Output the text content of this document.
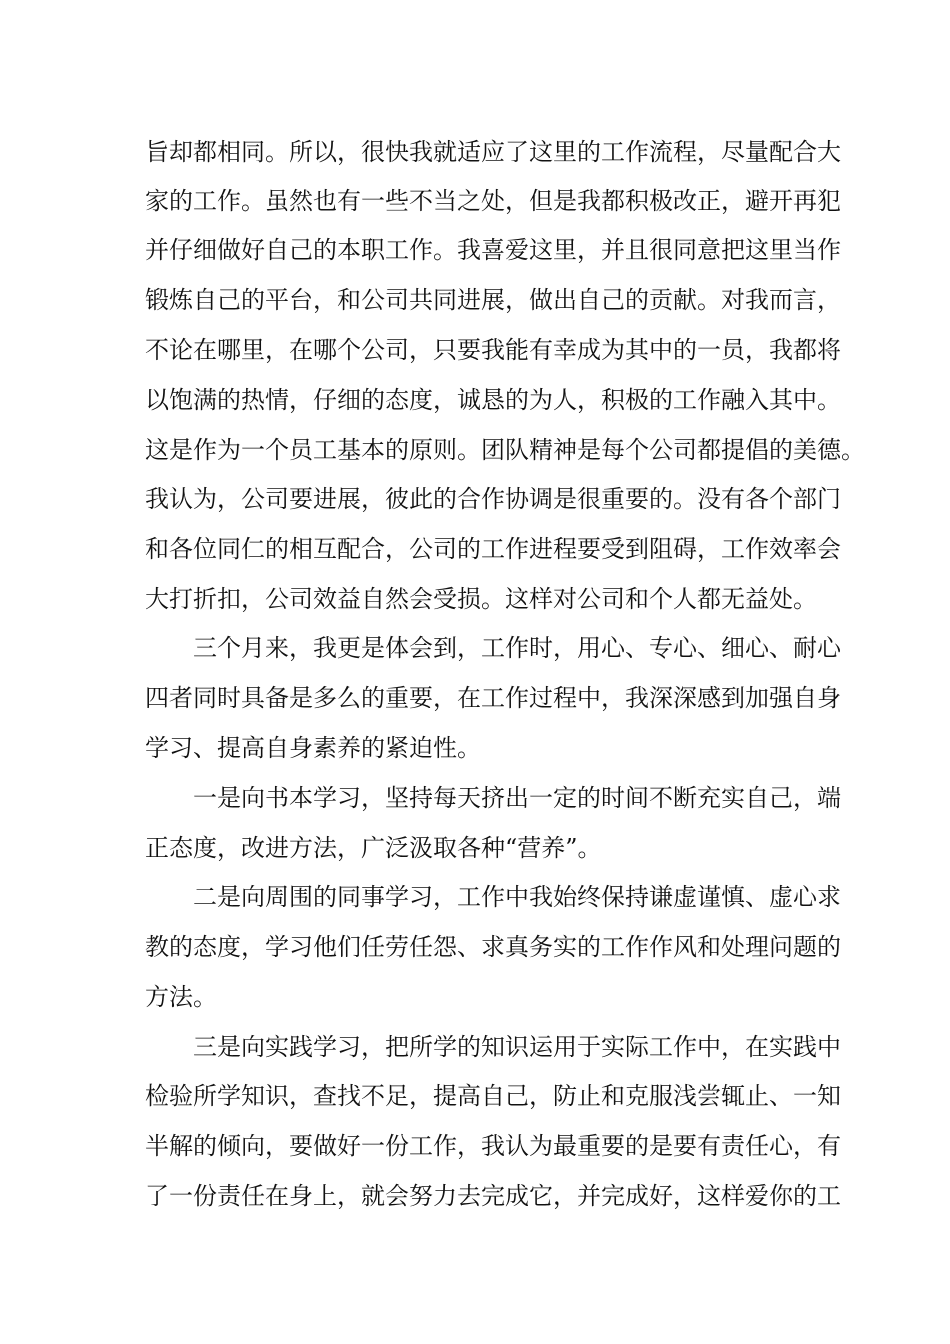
旨却都相同。所以，很快我就适应了这里的工作流程，尽量配合大
家的工作。虽然也有一些不当之处，但是我都积极改正，避开再犯
并仔细做好自己的本职工作。我喜爱这里，并且很同意把这里当作
锻炼自己的平台，和公司共同进展，做出自己的贡献。对我而言，
不论在哪里，在哪个公司，只要我能有幸成为其中的一员，我都将
以饱满的热情，仔细的态度，诚恳的为人，积极的工作融入其中。
这是作为一个员工基本的原则。团队精神是每个公司都提倡的美德。
我认为，公司要进展，彼此的合作协调是很重要的。没有各个部门
和各位同仁的相互配合，公司的工作进程要受到阻碍，工作效率会
大打折扣，公司效益自然会受损。这样对公司和个人都无益处。
三个月来，我更是体会到，工作时，用心、专心、细心、耐心
四者同时具备是多么的重要，在工作过程中，我深深感到加强自身
学习、提高自身素养的紧迫性。
一是向书本学习，坚持每天挤出一定的时间不断充实自己，端
正态度，改进方法，广泛汲取各种“营养”。
二是向周围的同事学习，工作中我始终保持谦虚谨慎、虚心求
教的态度，学习他们任劳任怨、求真务实的工作作风和处理问题的
方法。
三是向实践学习，把所学的知识运用于实际工作中，在实践中
检验所学知识，查找不足，提高自己，防止和克服浅尝辄止、一知
半解的倾向，要做好一份工作，我认为最重要的是要有责任心，有
了一份责任在身上，就会努力去完成它，并完成好，这样爱你的工
